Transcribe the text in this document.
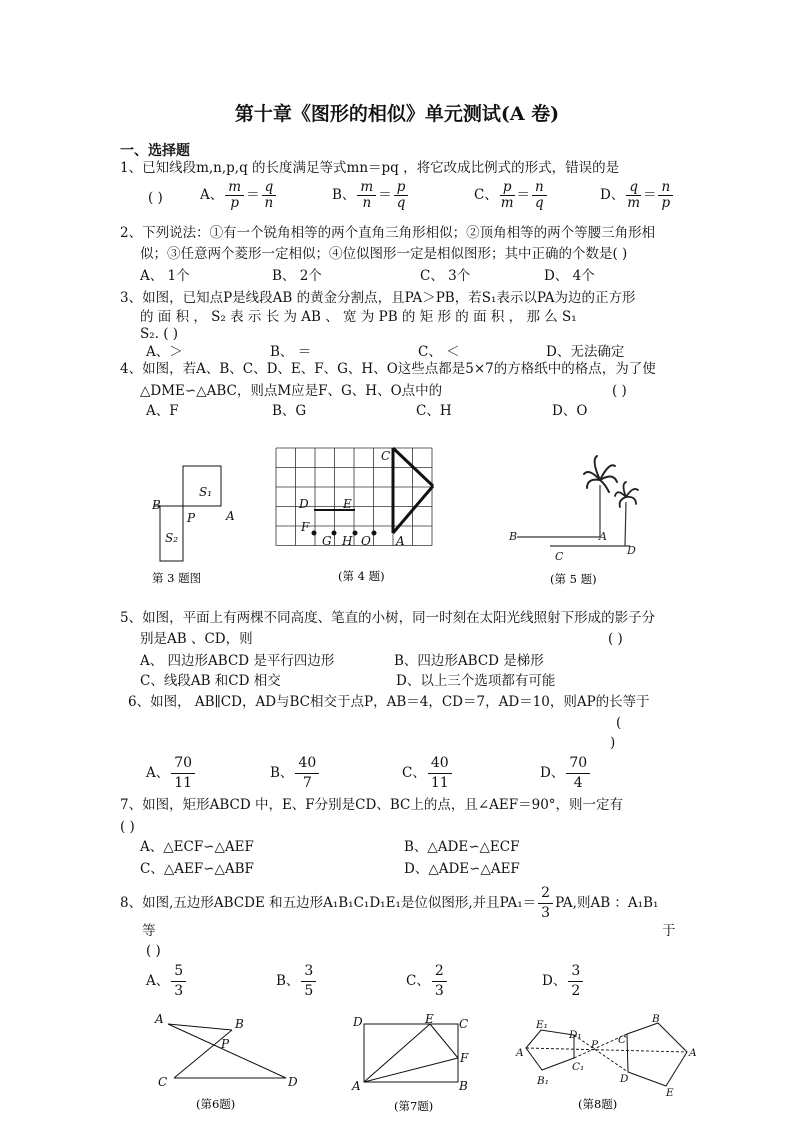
第十章《图形的相似》单元测试(A 卷)
一、选择题
1、已知线段m,n,p,q 的长度满足等式mn＝pq ，将它改成比例式的形式，错误的是
( )	A、 $\frac{m}{p} = \frac{q}{n}$	B、 $\frac{m}{n} = \frac{p}{q}$	C、 $\frac{p}{m} = \frac{n}{q}$	D、 $\frac{q}{m} = \frac{n}{p}$
2、下列说法：①有一个锐角相等的两个直角三角形相似；②顶角相等的两个等腰三角形相
似；③任意两个菱形一定相似；④位似图形一定是相似图形；其中正确的个数是( )
A、 1个	B、 2个	C、 3个	D、 4个
3、如图，已知点P是线段AB 的黄金分割点，且PA＞PB，若S₁表示以PA为边的正方形
的 面 积 ， S₂ 表 示 长 为 AB 、 宽 为 PB 的 矩 形 的 面 积 ， 那 么 S₁
S₂. ( )
A、＞	B、 ＝	C、 ＜	D、无法确定
4、如图，若A、B、C、D、E、F、G、H、O这些点都是5×7的方格纸中的格点，为了使
△DME∽△ABC，则点M应是F、G、H、O点中的	( )
A、F	B、G	C、H	D、O
B
P	A
S₁
S₂
第 3 题图
C
D	E
F
G H O A
(第 4 题)
B	A
C	D
(第 5 题)
5、如图，平面上有两棵不同高度、笔直的小树，同一时刻在太阳光线照射下形成的影子分
别是AB 、CD，则	( )
A、 四边形ABCD 是平行四边形	B、四边形ABCD 是梯形
C、线段AB 和CD 相交	D、以上三个选项都有可能
6、如图， AB∥CD，AD与BC相交于点P，AB＝4，CD＝7，AD＝10，则AP的长等于
(
)
A、 $\frac{70}{11}$	B、 $\frac{40}{7}$	C、 $\frac{40}{11}$	D、 $\frac{70}{4}$
7、如图，矩形ABCD 中，E、F分别是CD、BC上的点，且∠AEF＝90°，则一定有
( )
A、△ECF∽△AEF	B、△ADE∽△ECF
C、△AEF∽△ABF	D、△ADE∽△AEF
8、如图,五边形ABCDE 和五边形A₁B₁C₁D₁E₁是位似图形,并且$PA_1= \frac{2}{3}$ PA,则AB ：A₁B₁
等	于
( )
A、 $\frac{5}{3}$	B、 $\frac{3}{5}$	C、 $\frac{2}{3}$	D、 $\frac{3}{2}$
A	B
P
C	D
(第6题)
D	E C
F
A	B
(第7题)
E₁
D₁
P
B
C
A
C₁
A
B₁	D
E
(第8题)
